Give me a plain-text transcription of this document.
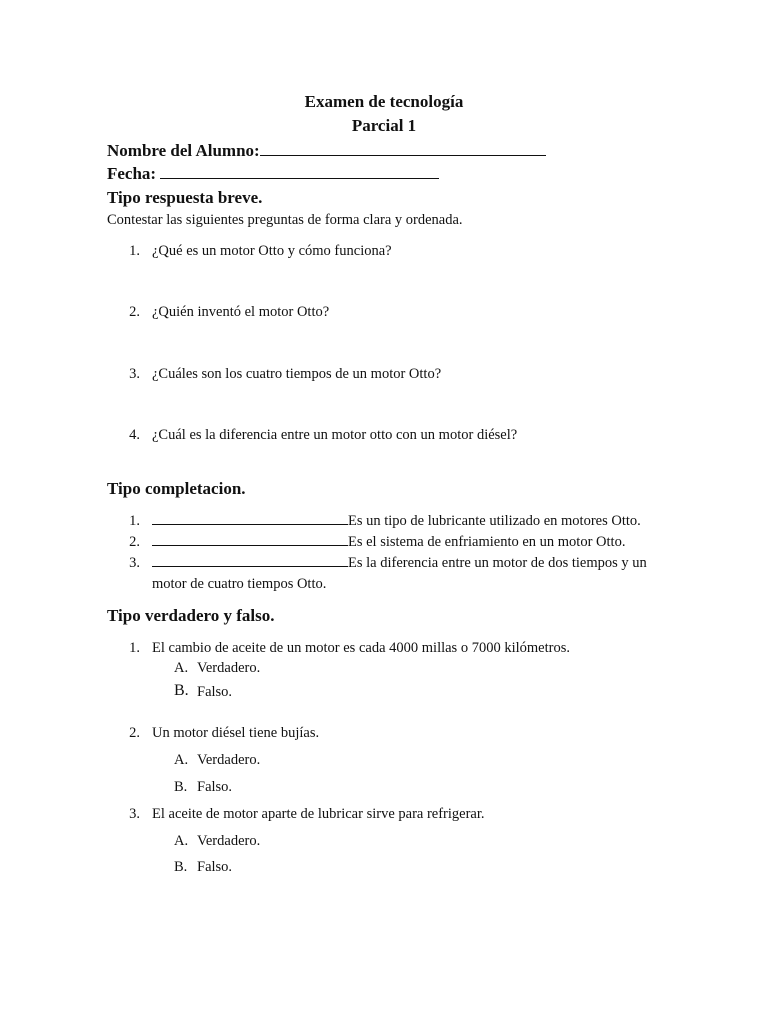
Examen de tecnología
Parcial 1
Nombre del Alumno:
Fecha:
Tipo respuesta breve.
Contestar las siguientes preguntas de forma clara y ordenada.
1. ¿Qué es un motor Otto y cómo funciona?
2. ¿Quién inventó el motor Otto?
3. ¿Cuáles son los cuatro tiempos de un motor Otto?
4. ¿Cuál es la diferencia entre un motor otto con un motor diésel?
Tipo completacion.
1.	Es un tipo de lubricante utilizado en motores Otto.
2.	Es el sistema de enfriamiento en un motor Otto.
3.	Es la diferencia entre un motor de dos tiempos y un
motor de cuatro tiempos Otto.
Tipo verdadero y falso.
1. El cambio de aceite de un motor es cada 4000 millas o 7000 kilómetros.
A. Verdadero.
B. Falso.
2. Un motor diésel tiene bujías.
A. Verdadero.
B. Falso.
3. El aceite de motor aparte de lubricar sirve para refrigerar.
A. Verdadero.
B. Falso.
